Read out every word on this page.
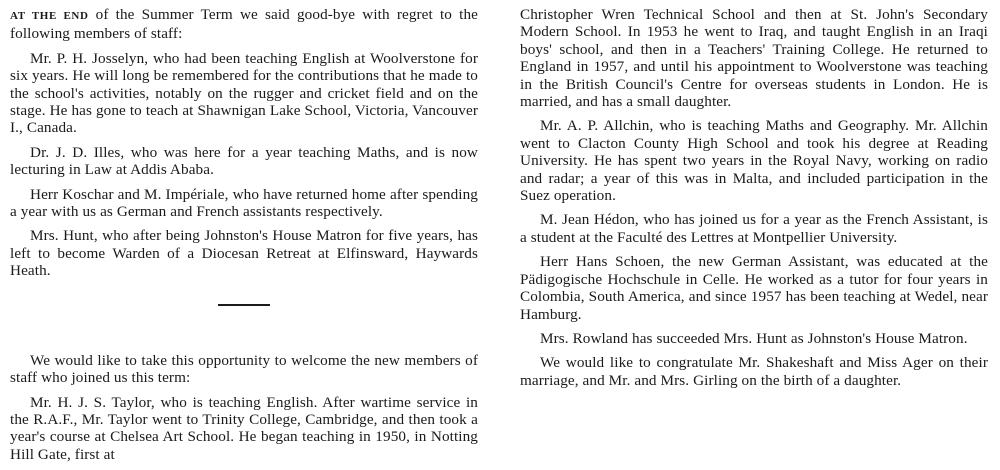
AT THE END of the Summer Term we said good-bye with regret to the following members of staff:

Mr. P. H. Josselyn, who had been teaching English at Woolverstone for six years. He will long be remembered for the contributions that he made to the school's activities, notably on the rugger and cricket field and on the stage. He has gone to teach at Shawnigan Lake School, Victoria, Vancouver I., Canada.

Dr. J. D. Illes, who was here for a year teaching Maths, and is now lecturing in Law at Addis Ababa.

Herr Koschar and M. Impériale, who have returned home after spending a year with us as German and French assistants respectively.

Mrs. Hunt, who after being Johnston's House Matron for five years, has left to become Warden of a Diocesan Retreat at Elfinsward, Haywards Heath.

We would like to take this opportunity to welcome the new members of staff who joined us this term:

Mr. H. J. S. Taylor, who is teaching English. After wartime service in the R.A.F., Mr. Taylor went to Trinity College, Cambridge, and then took a year's course at Chelsea Art School. He began teaching in 1950, in Notting Hill Gate, first at

Christopher Wren Technical School and then at St. John's Secondary Modern School. In 1953 he went to Iraq, and taught English in an Iraqi boys' school, and then in a Teachers' Training College. He returned to England in 1957, and until his appointment to Woolverstone was teaching in the British Council's Centre for overseas students in London. He is married, and has a small daughter.

Mr. A. P. Allchin, who is teaching Maths and Geography. Mr. Allchin went to Clacton County High School and took his degree at Reading University. He has spent two years in the Royal Navy, working on radio and radar; a year of this was in Malta, and included participation in the Suez operation.

M. Jean Hédon, who has joined us for a year as the French Assistant, is a student at the Faculté des Lettres at Montpellier University.

Herr Hans Schoen, the new German Assistant, was educated at the Pädigogische Hochschule in Celle. He worked as a tutor for four years in Colombia, South America, and since 1957 has been teaching at Wedel, near Hamburg.

Mrs. Rowland has succeeded Mrs. Hunt as Johnston's House Matron.

We would like to congratulate Mr. Shakeshaft and Miss Ager on their marriage, and Mr. and Mrs. Girling on the birth of a daughter.
